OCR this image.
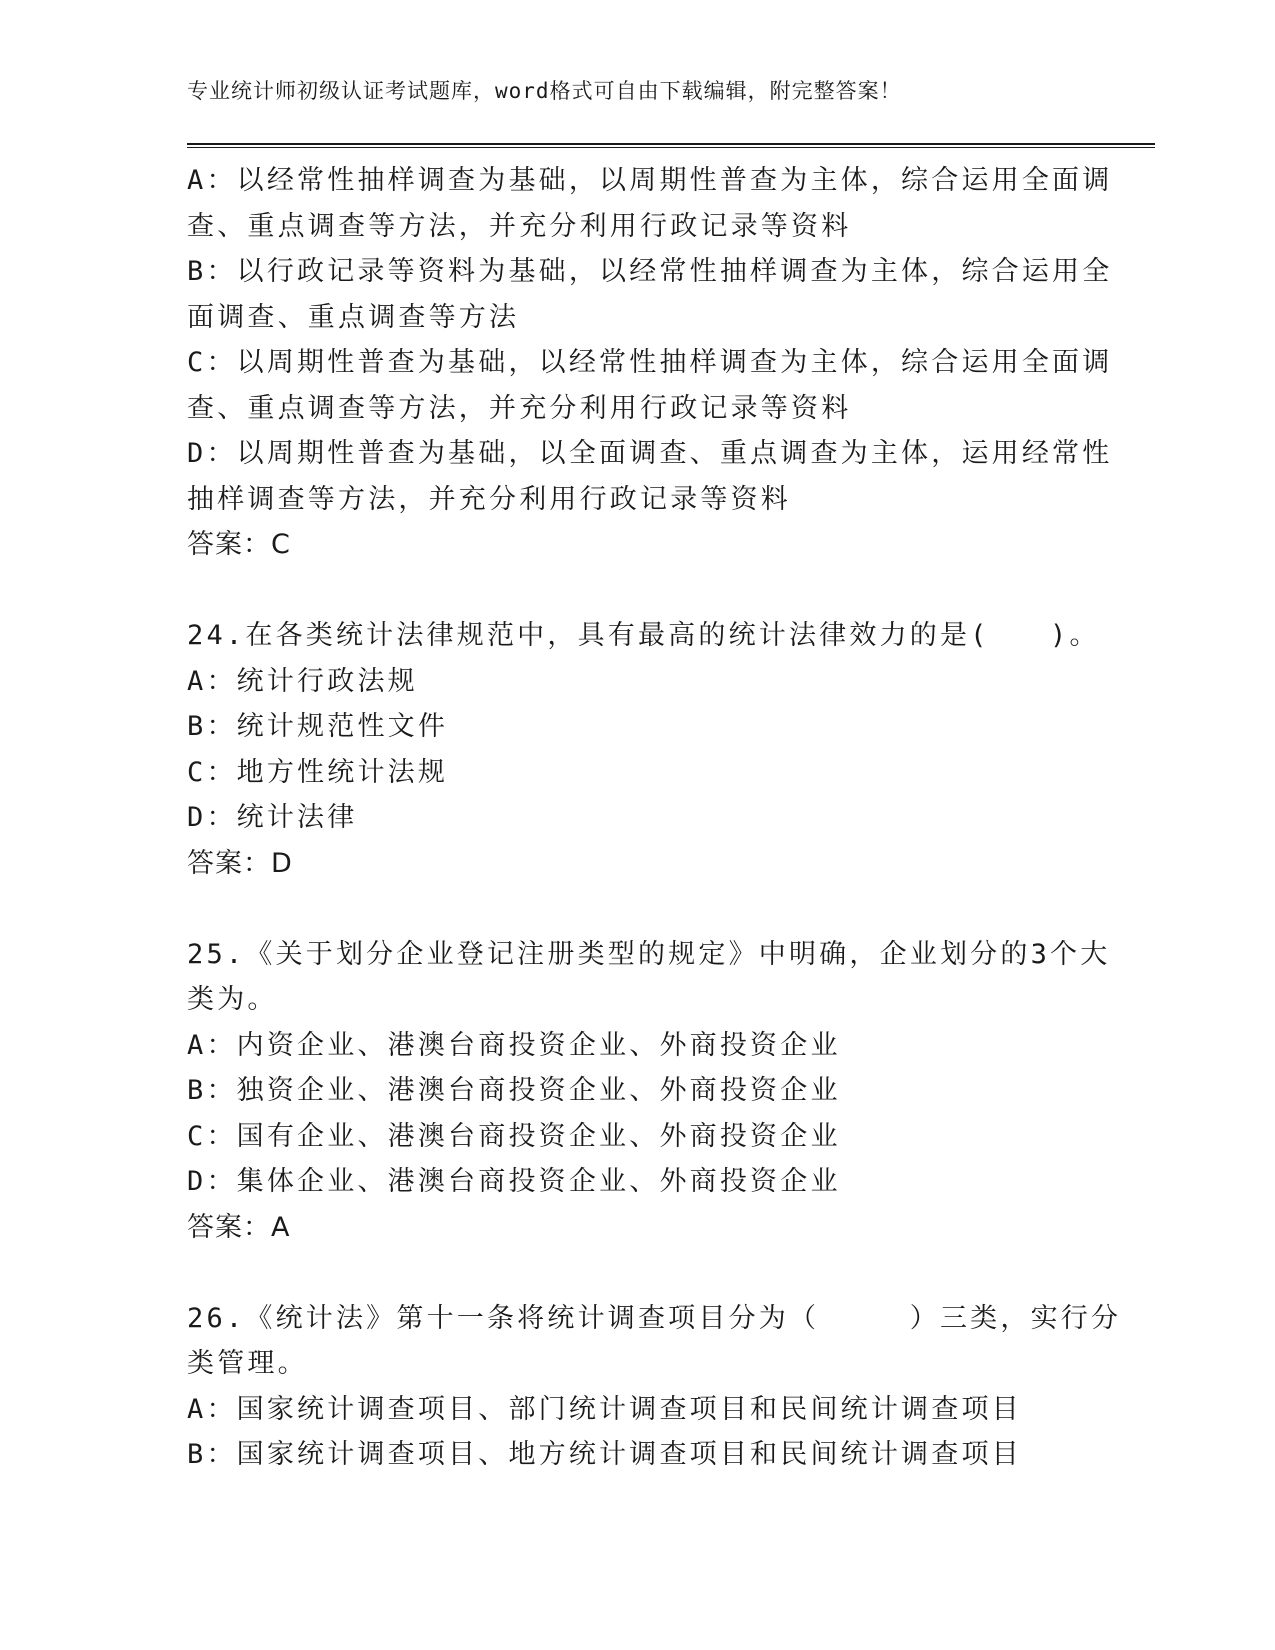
专业统计师初级认证考试题库，word格式可自由下载编辑，附完整答案！
A：以经常性抽样调查为基础，以周期性普查为主体，综合运用全面调
查、重点调查等方法，并充分利用行政记录等资料
B：以行政记录等资料为基础，以经常性抽样调查为主体，综合运用全
面调查、重点调查等方法
C：以周期性普查为基础，以经常性抽样调查为主体，综合运用全面调
查、重点调查等方法，并充分利用行政记录等资料
D：以周期性普查为基础，以全面调查、重点调查为主体，运用经常性
抽样调查等方法，并充分利用行政记录等资料
答案：C
24.在各类统计法律规范中，具有最高的统计法律效力的是(　　)。
A：统计行政法规
B：统计规范性文件
C：地方性统计法规
D：统计法律
答案：D
25.《关于划分企业登记注册类型的规定》中明确，企业划分的3个大
类为。
A：内资企业、港澳台商投资企业、外商投资企业
B：独资企业、港澳台商投资企业、外商投资企业
C：国有企业、港澳台商投资企业、外商投资企业
D：集体企业、港澳台商投资企业、外商投资企业
答案：A
26.《统计法》第十一条将统计调查项目分为（　　　）三类，实行分
类管理。
A：国家统计调查项目、部门统计调查项目和民间统计调查项目
B：国家统计调查项目、地方统计调查项目和民间统计调查项目
